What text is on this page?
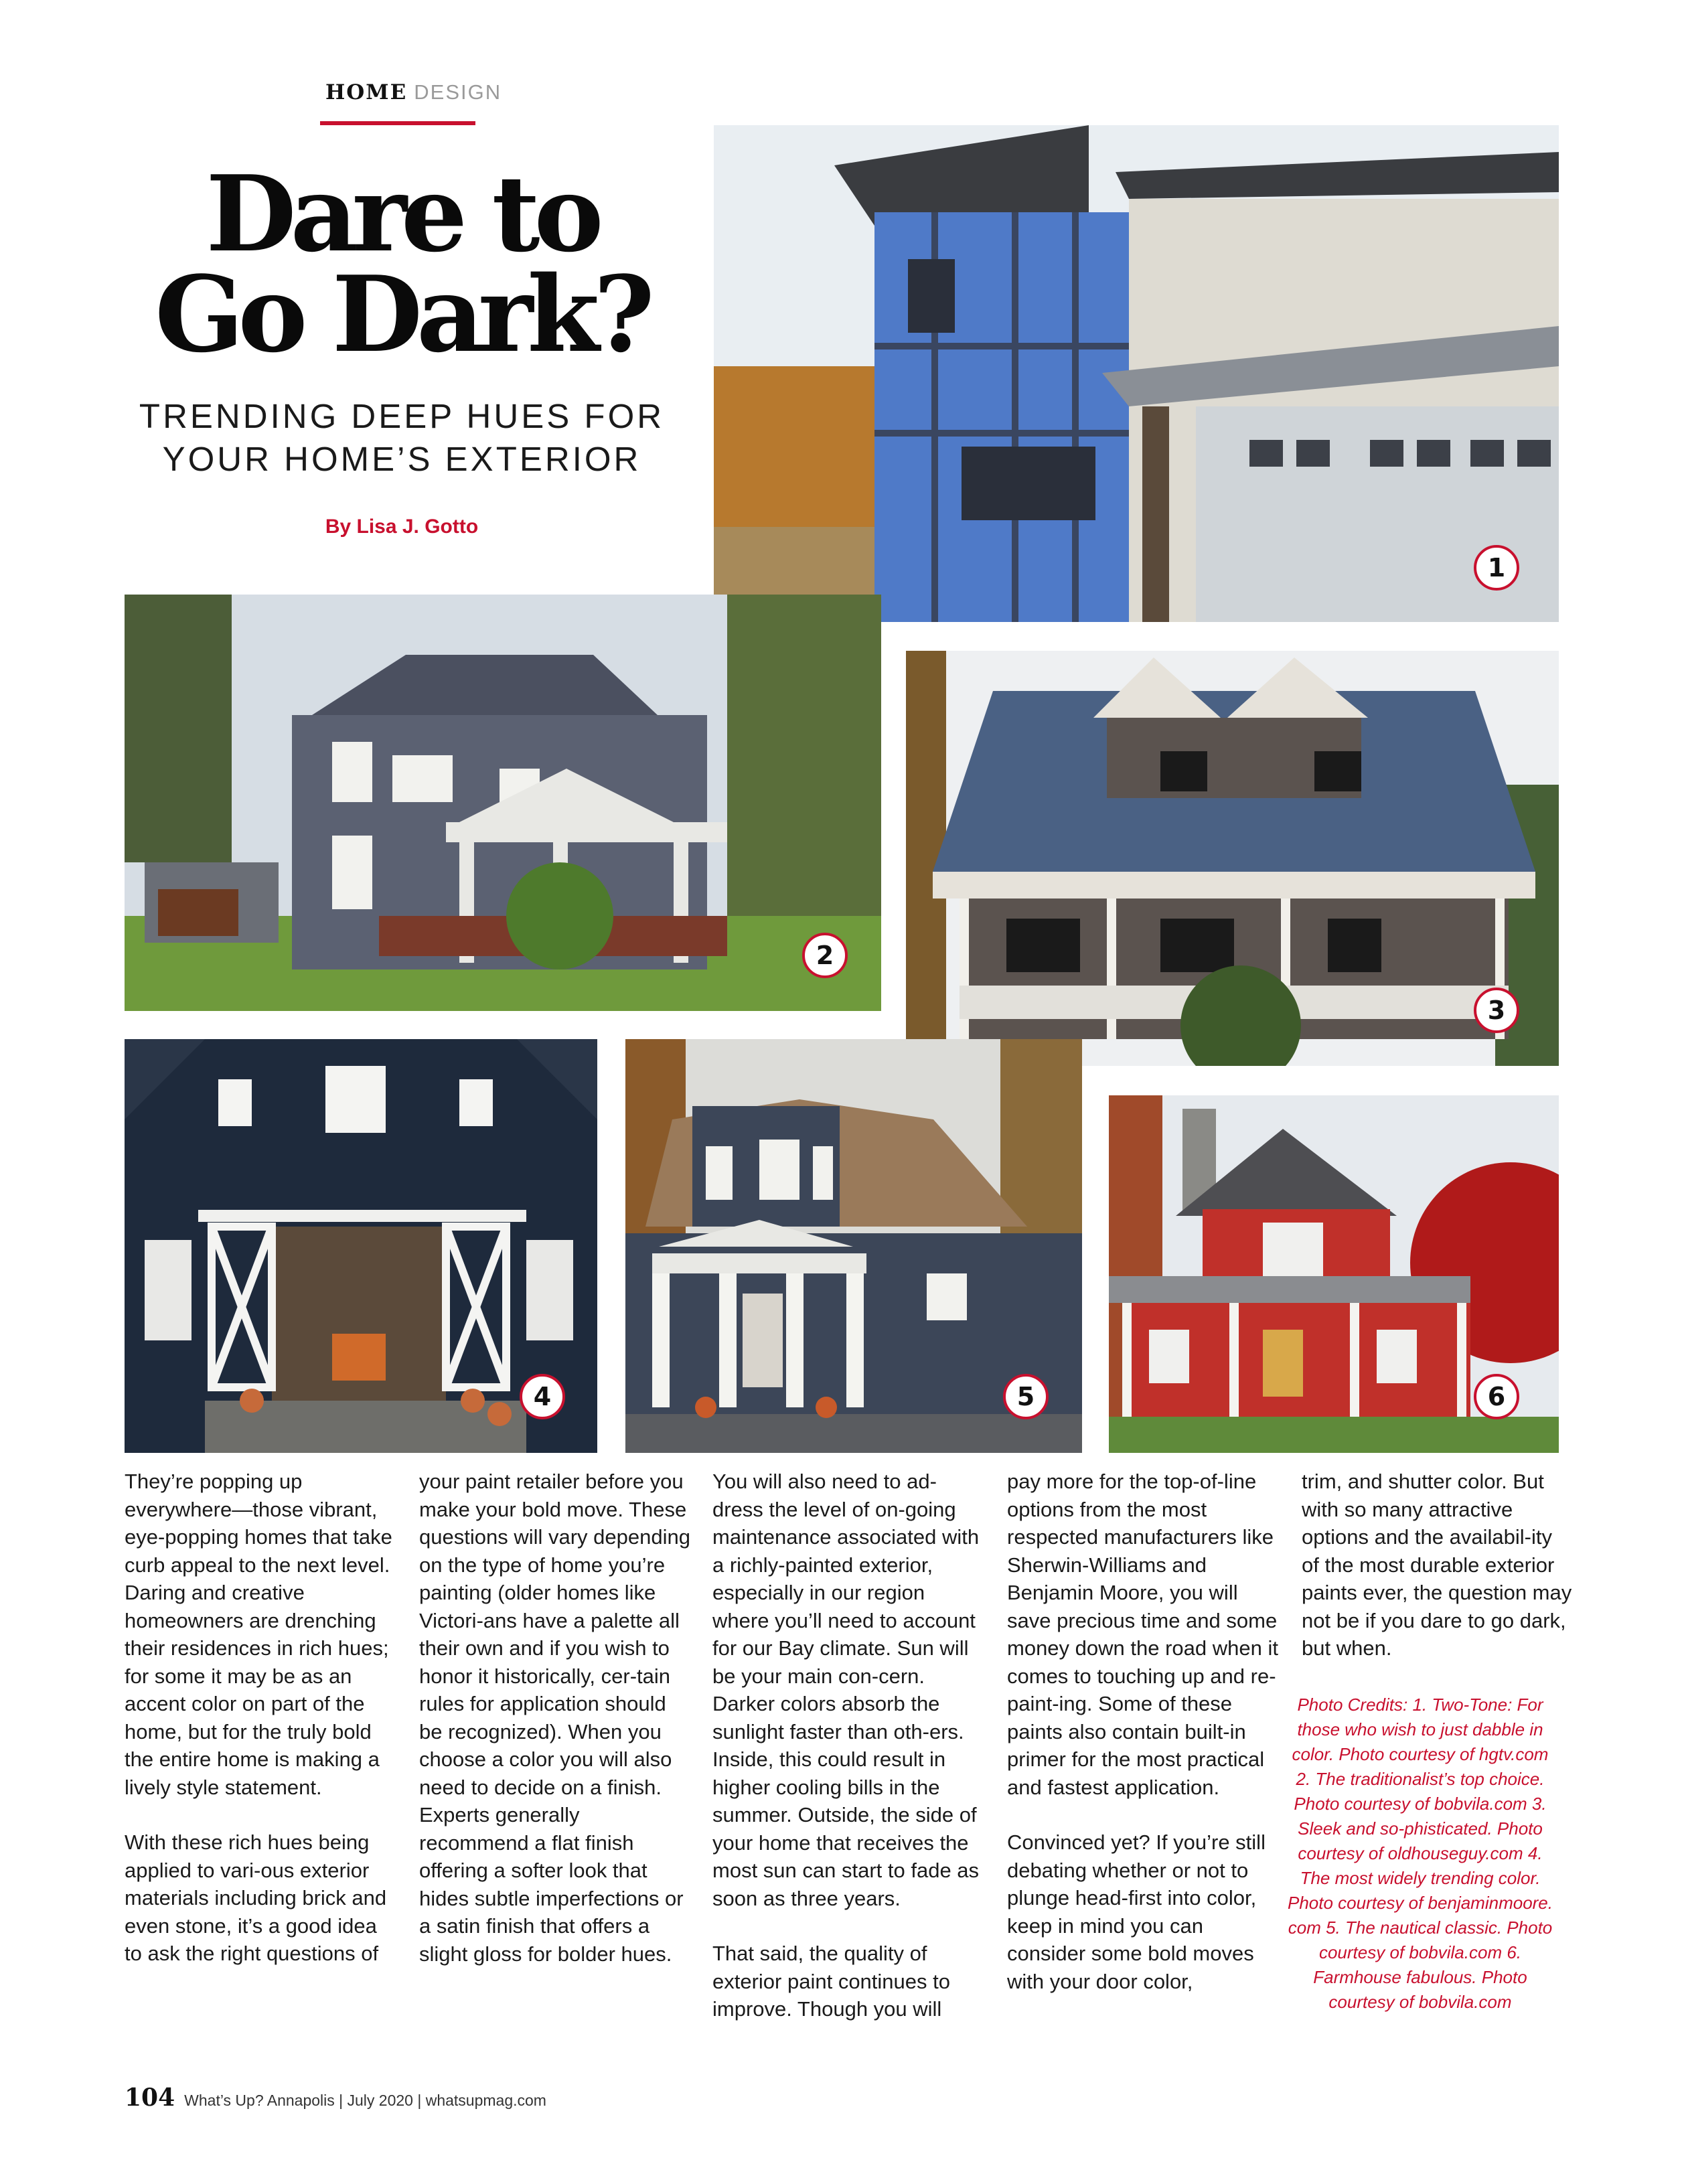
HOME DESIGN
Dare to
Go Dark?
TRENDING DEEP HUES FOR
YOUR HOME’S EXTERIOR
By Lisa J. Gotto
1
2
3
4	5	6

They’re popping up everywhere—those vibrant, eye-popping homes that take curb appeal to the next level. Daring and creative homeowners are drenching their residences in rich hues; for some it may be as an accent color on part of the home, but for the truly bold the entire home is making a lively style statement.

With these rich hues being applied to vari-ous exterior materials including brick and even stone, it’s a good idea to ask the right questions of

your paint retailer before you make your bold move. These questions will vary depending on the type of home you’re painting (older homes like Victori-ans have a palette all their own and if you wish to honor it historically, cer-tain rules for application should be recognized). When you choose a color you will also need to decide on a finish. Experts generally recommend a flat finish offering a softer look that hides subtle imperfections or a satin finish that offers a slight gloss for bolder hues.

You will also need to ad-dress the level of on-going maintenance associated with a richly-painted exterior, especially in our region where you’ll need to account for our Bay climate. Sun will be your main con-cern. Darker colors absorb the sunlight faster than oth-ers. Inside, this could result in higher cooling bills in the summer. Outside, the side of your home that receives the most sun can start to fade as soon as three years.

That said, the quality of exterior paint continues to improve. Though you will

pay more for the top-of-line options from the most respected manufacturers like Sherwin-Williams and Benjamin Moore, you will save precious time and some money down the road when it comes to touching up and re-paint-ing. Some of these paints also contain built-in primer for the most practical and fastest application.

Convinced yet? If you’re still debating whether or not to plunge head-first into color, keep in mind you can consider some bold moves with your door color,

trim, and shutter color. But with so many attractive options and the availabil-ity of the most durable exterior paints ever, the question may not be if you dare to go dark, but when.

Photo Credits: 1. Two-Tone: For those who wish to just dabble in color. Photo courtesy of hgtv.com 2. The traditionalist’s top choice. Photo courtesy of bobvila.com 3. Sleek and so-phisticated. Photo courtesy of oldhouseguy.com 4. The most widely trending color. Photo courtesy of benjaminmoore. com 5. The nautical classic. Photo courtesy of bobvila.com 6. Farmhouse fabulous. Photo courtesy of bobvila.com
104 What’s Up? Annapolis | July 2020 | whatsupmag.com
